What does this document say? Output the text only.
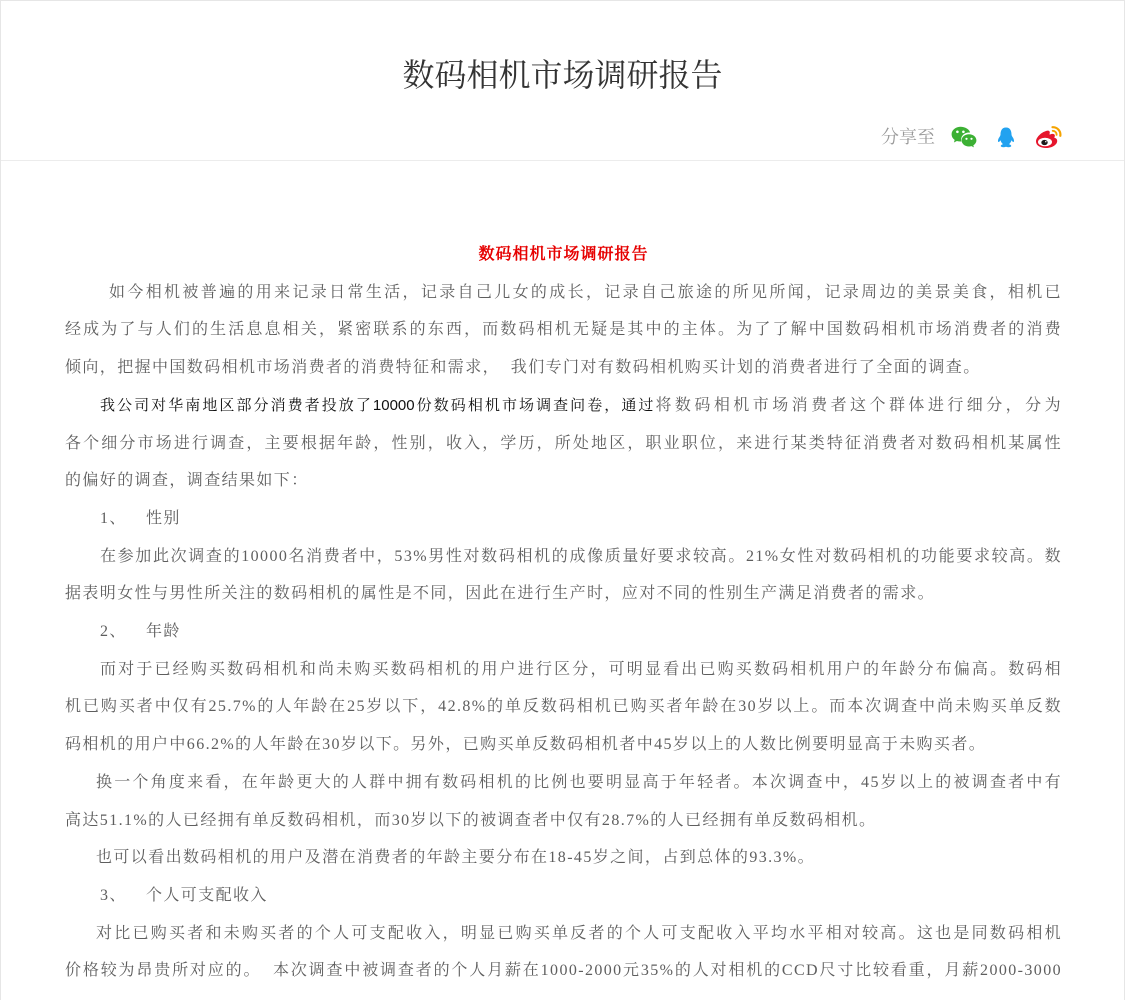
数码相机市场调研报告
分享至
数码相机市场调研报告
如今相机被普遍的用来记录日常生活，记录自己儿女的成长，记录自己旅途的所见所闻，记录周边的美景美食，相机已
经成为了与人们的生活息息相关，紧密联系的东西，而数码相机无疑是其中的主体。为了了解中国数码相机市场消费者的消费
倾向，把握中国数码相机市场消费者的消费特征和需求，  我们专门对有数码相机购买计划的消费者进行了全面的调查。
我公司对华南地区部分消费者投放了10000份数码相机市场调查问卷，通过将数码相机市场消费者这个群体进行细分，分为
各个细分市场进行调查，主要根据年龄，性别，收入，学历，所处地区，职业职位，来进行某类特征消费者对数码相机某属性
的偏好的调查，调查结果如下：
1、 性别
在参加此次调查的10000名消费者中，53%男性对数码相机的成像质量好要求较高。21%女性对数码相机的功能要求较高。数
据表明女性与男性所关注的数码相机的属性是不同，因此在进行生产时，应对不同的性别生产满足消费者的需求。
2、 年龄
而对于已经购买数码相机和尚未购买数码相机的用户进行区分，可明显看出已购买数码相机用户的年龄分布偏高。数码相
机已购买者中仅有25.7%的人年龄在25岁以下，42.8%的单反数码相机已购买者年龄在30岁以上。而本次调查中尚未购买单反数
码相机的用户中66.2%的人年龄在30岁以下。另外，已购买单反数码相机者中45岁以上的人数比例要明显高于未购买者。
换一个角度来看，在年龄更大的人群中拥有数码相机的比例也要明显高于年轻者。本次调查中，45岁以上的被调查者中有
高达51.1%的人已经拥有单反数码相机，而30岁以下的被调查者中仅有28.7%的人已经拥有单反数码相机。
也可以看出数码相机的用户及潜在消费者的年龄主要分布在18-45岁之间，占到总体的93.3%。
3、 个人可支配收入
对比已购买者和未购买者的个人可支配收入，明显已购买单反者的个人可支配收入平均水平相对较高。这也是同数码相机
价格较为昂贵所对应的。  本次调查中被调查者的个人月薪在1000-2000元35%的人对相机的CCD尺寸比较看重，月薪2000-3000
